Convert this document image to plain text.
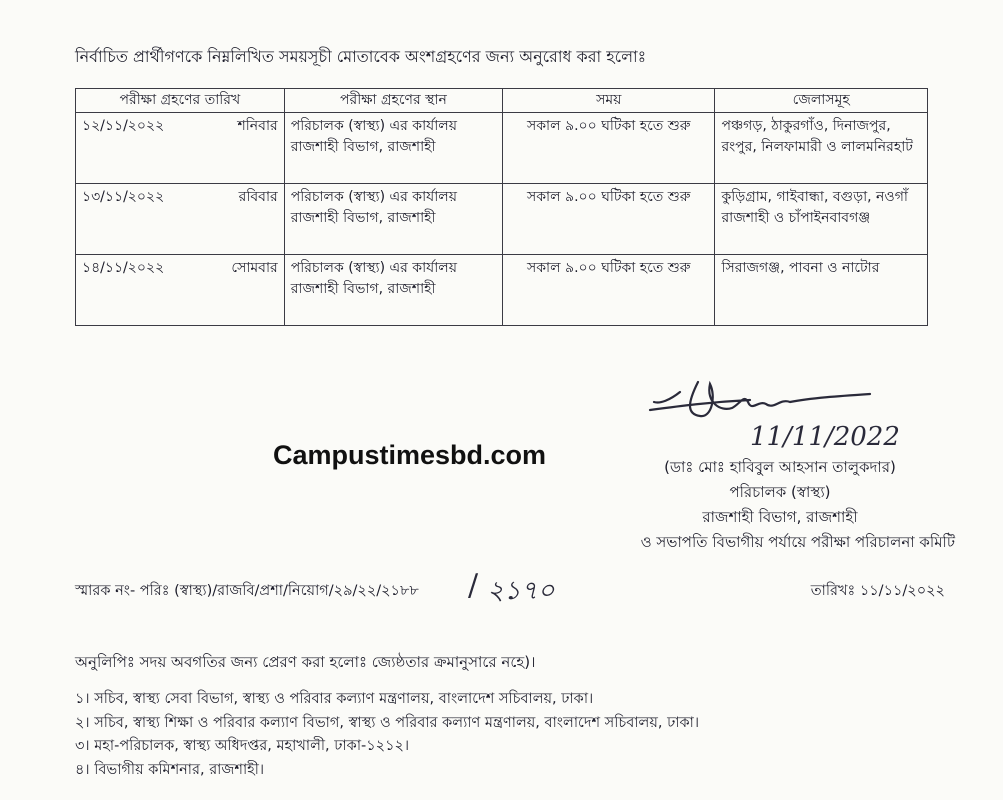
নির্বাচিত প্রার্থীগণকে নিম্নলিখিত সময়সূচী মোতাবেক অংশগ্রহণের জন্য অনুরোধ করা হলোঃ
পরীক্ষা গ্রহণের তারিখ	পরীক্ষা গ্রহণের স্থান	সময়	জেলাসমূহ

১২/১১/২০২২ শনিবার	পরিচালক (স্বাস্থ্য) এর কার্যালয় রাজশাহী বিভাগ, রাজশাহী	সকাল ৯.০০ ঘটিকা হতে শুরু	পঞ্চগড়, ঠাকুরগাঁও, দিনাজপুর, রংপুর, নিলফামারী ও লালমনিরহাট

১৩/১১/২০২২ রবিবার	পরিচালক (স্বাস্থ্য) এর কার্যালয় রাজশাহী বিভাগ, রাজশাহী	সকাল ৯.০০ ঘটিকা হতে শুরু	কুড়িগ্রাম, গাইবান্ধা, বগুড়া, নওগাঁ রাজশাহী ও চাঁপাইনবাবগঞ্জ

১৪/১১/২০২২ সোমবার	পরিচালক (স্বাস্থ্য) এর কার্যালয় রাজশাহী বিভাগ, রাজশাহী	সকাল ৯.০০ ঘটিকা হতে শুরু	সিরাজগঞ্জ, পাবনা ও নাটোর
11/11/2022
Campustimesbd.com	(ডাঃ মোঃ হাবিবুল আহসান তালুকদার)
পরিচালক (স্বাস্থ্য)
রাজশাহী বিভাগ, রাজশাহী
ও সভাপতি বিভাগীয় পর্যায়ে পরীক্ষা পরিচালনা কমিটি
স্মারক নং- পরিঃ (স্বাস্থ্য)/রাজবি/প্রশা/নিয়োগ/২৯/২২/২১৮৮ / ২১৭০	তারিখঃ ১১/১১/২০২২
অনুলিপিঃ সদয় অবগতির জন্য প্রেরণ করা হলোঃ জ্যেষ্ঠতার ক্রমানুসারে নহে)।
১। সচিব, স্বাস্থ্য সেবা বিভাগ, স্বাস্থ্য ও পরিবার কল্যাণ মন্ত্রণালয়, বাংলাদেশ সচিবালয়, ঢাকা।
২। সচিব, স্বাস্থ্য শিক্ষা ও পরিবার কল্যাণ বিভাগ, স্বাস্থ্য ও পরিবার কল্যাণ মন্ত্রণালয়, বাংলাদেশ সচিবালয়, ঢাকা।
৩। মহা-পরিচালক, স্বাস্থ্য অধিদপ্তর, মহাখালী, ঢাকা-১২১২।
৪। বিভাগীয় কমিশনার, রাজশাহী।
